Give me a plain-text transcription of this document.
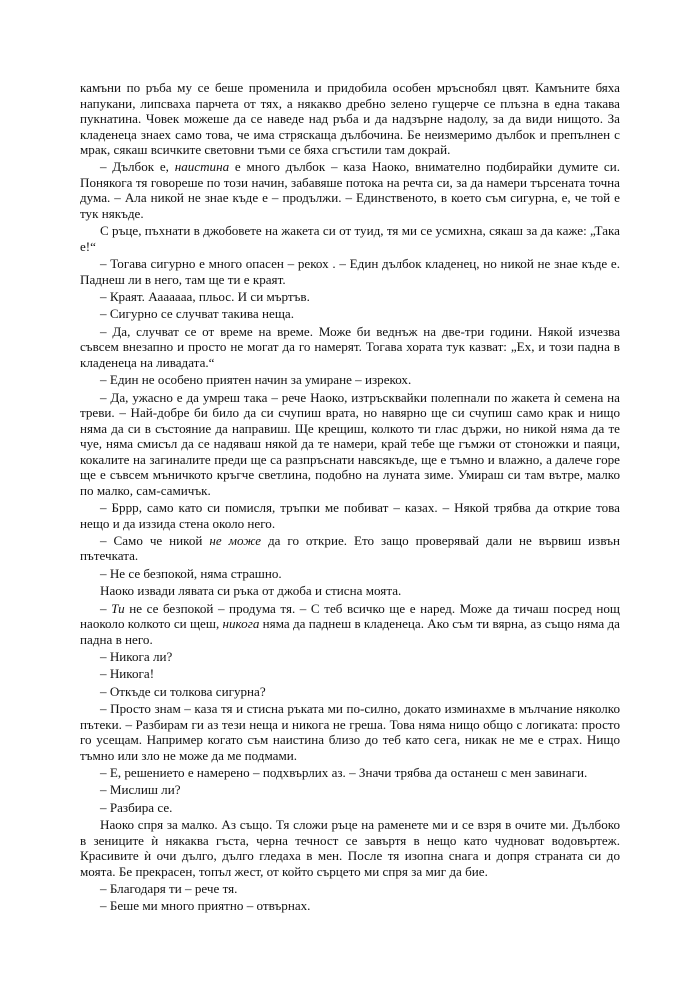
камъни по ръба му се беше променила и придобила особен мръснобял цвят. Камъните бяха напукани, липсваха парчета от тях, а някакво дребно зелено гущерче се плъзна в една такава пукнатина. Човек можеше да се наведе над ръба и да надзърне надолу, за да види нищото. За кладенеца знаех само това, че има стряскаща дълбочина. Бе неизмеримо дълбок и препълнен с мрак, сякаш всичките световни тъми се бяха сгъстили там докрай.

– Дълбок е, наистина е много дълбок – каза Наоко, внимателно подбирайки думите си. Понякога тя говореше по този начин, забавяше потока на речта си, за да намери търсената точна дума. – Ала никой не знае къде е – продължи. – Единственото, в което съм сигурна, е, че той е тук някъде.

С ръце, пъхнати в джобовете на жакета си от туид, тя ми се усмихна, сякаш за да каже: „Така е!“

– Тогава сигурно е много опасен – рекох . – Един дълбок кладенец, но никой не знае къде е. Паднеш ли в него, там ще ти е краят.

– Краят. Ааааааа, пльос. И си мъртъв.

– Сигурно се случват такива неща.

– Да, случват се от време на време. Може би веднъж на две-три години. Някой изчезва съвсем внезапно и просто не могат да го намерят. Тогава хората тук казват: „Ех, и този падна в кладенеца на ливадата.“

– Един не особено приятен начин за умиране – изрекох.

– Да, ужасно е да умреш така – рече Наоко, изтръсквайки полепнали по жакета ѝ семена на треви. – Най-добре би било да си счупиш врата, но навярно ще си счупиш само крак и нищо няма да си в състояние да направиш. Ще крещиш, колкото ти глас държи, но никой няма да те чуе, няма смисъл да се надяваш някой да те намери, край тебе ще гъмжи от стоножки и паяци, кокалите на загиналите преди ще са разпръснати навсякъде, ще е тъмно и влажно, а далече горе ще е съвсем мъничкото кръгче светлина, подобно на луната зиме. Умираш си там вътре, малко по малко, сам-самичък.

– Бррр, само като си помисля, тръпки ме побиват – казах. – Някой трябва да открие това нещо и да иззида стена около него.

– Само че никой не може да го открие. Ето защо проверявай дали не вървиш извън пътечката.

– Не се безпокой, няма страшно.

Наоко извади лявата си ръка от джоба и стисна моята.

– Ти не се безпокой – продума тя. – С теб всичко ще е наред. Може да тичаш посред нощ наоколо колкото си щеш, никога няма да паднеш в кладенеца. Ако съм ти вярна, аз също няма да падна в него.

– Никога ли?

– Никога!

– Откъде си толкова сигурна?

– Просто знам – каза тя и стисна ръката ми по-силно, докато изминахме в мълчание няколко пътеки. – Разбирам ги аз тези неща и никога не греша. Това няма нищо общо с логиката: просто го усещам. Например когато съм наистина близо до теб като сега, никак не ме е страх. Нищо тъмно или зло не може да ме подмами.

– Е, решението е намерено – подхвърлих аз. – Значи трябва да останеш с мен завинаги.

– Мислиш ли?

– Разбира се.

Наоко спря за малко. Аз също. Тя сложи ръце на раменете ми и се взря в очите ми. Дълбоко в зениците ѝ някаква гъста, черна течност се завъртя в нещо като чудноват водовъртеж. Красивите ѝ очи дълго, дълго гледаха в мен. После тя изопна снага и допря страната си до моята. Бе прекрасен, топъл жест, от който сърцето ми спря за миг да бие.

– Благодаря ти – рече тя.

– Беше ми много приятно – отвърнах.
